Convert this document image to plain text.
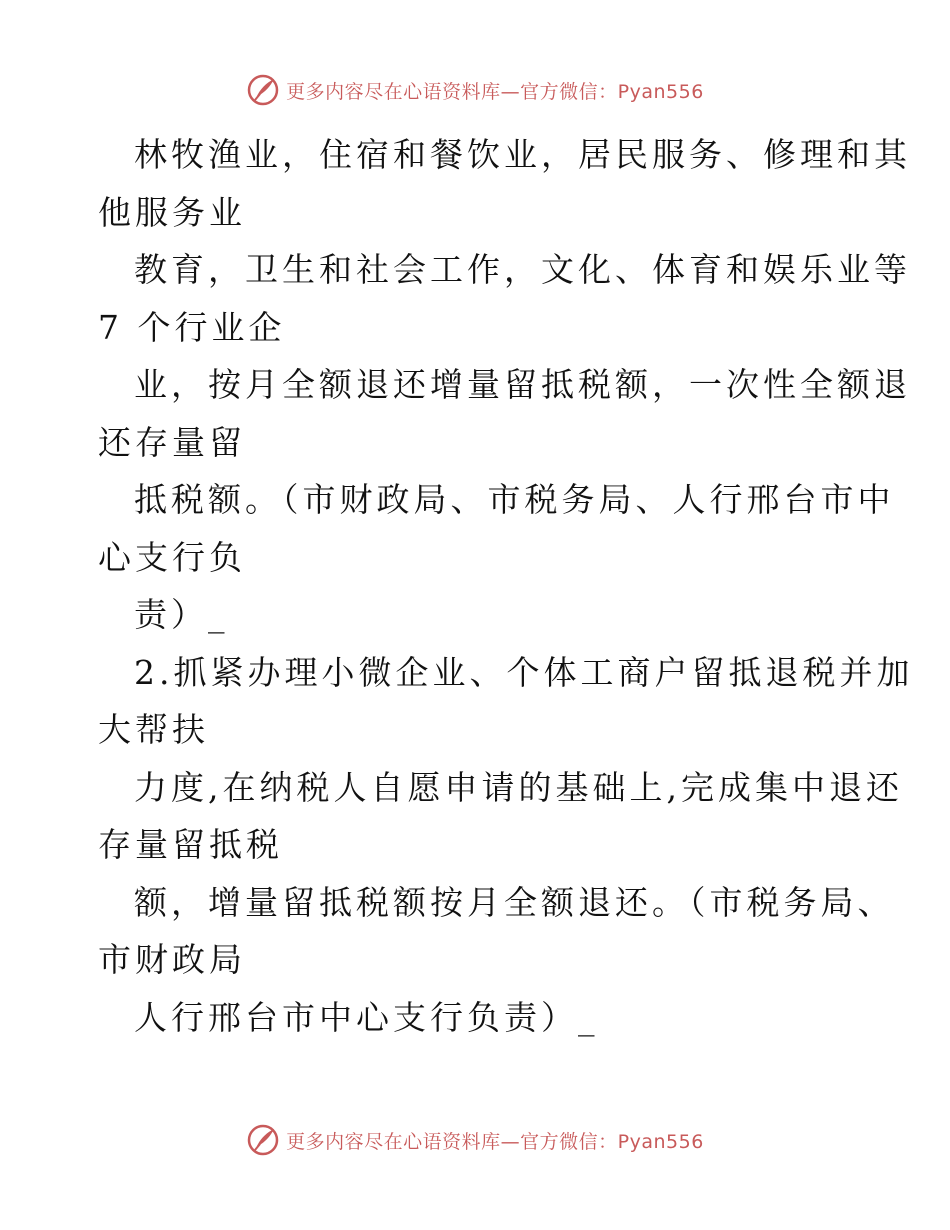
更多内容尽在心语资料库—官方微信：Pyan556
林牧渔业，住宿和餐饮业，居民服务、修理和其
他服务业
教育，卫生和社会工作，文化、体育和娱乐业等
7 个行业企
业，按月全额退还增量留抵税额，一次性全额退
还存量留
抵税额。（市财政局、市税务局、人行邢台市中
心支行负
责）_
2.抓紧办理小微企业、个体工商户留抵退税并加
大帮扶
力度,在纳税人自愿申请的基础上,完成集中退还
存量留抵税
额，增量留抵税额按月全额退还。（市税务局、
市财政局
人行邢台市中心支行负责）_
更多内容尽在心语资料库—官方微信：Pyan556
